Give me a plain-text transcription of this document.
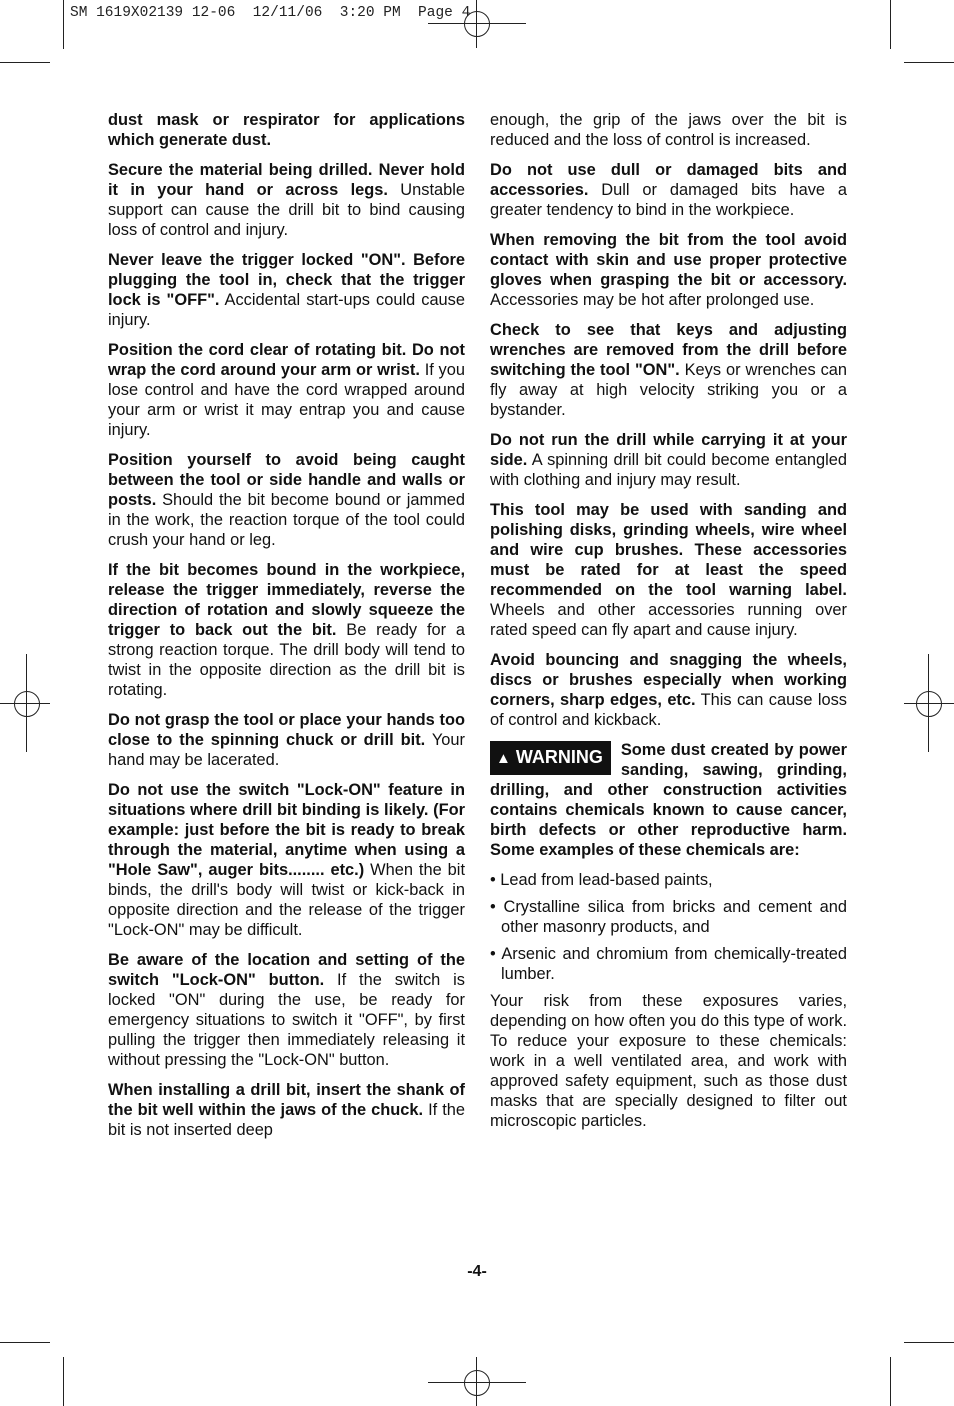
SM 1619X02139 12-06  12/11/06  3:20 PM  Page 4

dust mask or respirator for applications which generate dust.

Secure the material being drilled. Never hold it in your hand or across legs. Unstable support can cause the drill bit to bind causing loss of control and injury.

Never leave the trigger locked "ON". Before plugging the tool in, check that the trigger lock is "OFF". Accidental start-ups could cause injury.

Position the cord clear of rotating bit. Do not wrap the cord around your arm or wrist. If you lose control and have the cord wrapped around your arm or wrist it may entrap you and cause injury.

Position yourself to avoid being caught between the tool or side handle and walls or posts. Should the bit become bound or jammed in the work, the reaction torque of the tool could crush your hand or leg.

If the bit becomes bound in the workpiece, release the trigger immediately, reverse the direction of rotation and slowly squeeze the trigger to back out the bit. Be ready for a strong reaction torque. The drill body will tend to twist in the opposite direction as the drill bit is rotating.

Do not grasp the tool or place your hands too close to the spinning chuck or drill bit. Your hand may be lacerated.

Do not use the switch "Lock-ON" feature in situations where drill bit binding is likely. (For example: just before the bit is ready to break through the material, anytime when using a "Hole Saw", auger bits........ etc.) When the bit binds, the drill's body will twist or kick-back in opposite direction and the release of the trigger "Lock-ON" may be difficult.

Be aware of the location and setting of the switch "Lock-ON" button. If the switch is locked "ON" during the use, be ready for emergency situations to switch it "OFF", by first pulling the trigger then immediately releasing it without pressing the "Lock-ON" button.

When installing a drill bit, insert the shank of the bit well within the jaws of the chuck. If the bit is not inserted deep

enough, the grip of the jaws over the bit is reduced and the loss of control is increased.

Do not use dull or damaged bits and accessories. Dull or damaged bits have a greater tendency to bind in the workpiece.

When removing the bit from the tool avoid contact with skin and use proper protective gloves when grasping the bit or accessory. Accessories may be hot after prolonged use.

Check to see that keys and adjusting wrenches are removed from the drill before switching the tool "ON". Keys or wrenches can fly away at high velocity striking you or a bystander.

Do not run the drill while carrying it at your side. A spinning drill bit could become entangled with clothing and injury may result.

This tool may be used with sanding and polishing disks, grinding wheels, wire wheel and wire cup brushes. These accessories must be rated for at least the speed recommended on the tool warning label. Wheels and other accessories running over rated speed can fly apart and cause injury.

Avoid bouncing and snagging the wheels, discs or brushes especially when working corners, sharp edges, etc. This can cause loss of control and kickback.

▲ WARNING	Some dust created by power sanding, sawing, grinding, drilling, and other construction activities contains chemicals known to cause cancer, birth defects or other reproductive harm. Some examples of these chemicals are:

• Lead from lead-based paints,

• Crystalline silica from bricks and cement and other masonry products, and

• Arsenic and chromium from chemically-treated lumber.

Your risk from these exposures varies, depending on how often you do this type of work. To reduce your exposure to these chemicals: work in a well ventilated area, and work with approved safety equipment, such as those dust masks that are specially designed to filter out microscopic particles.

-4-
